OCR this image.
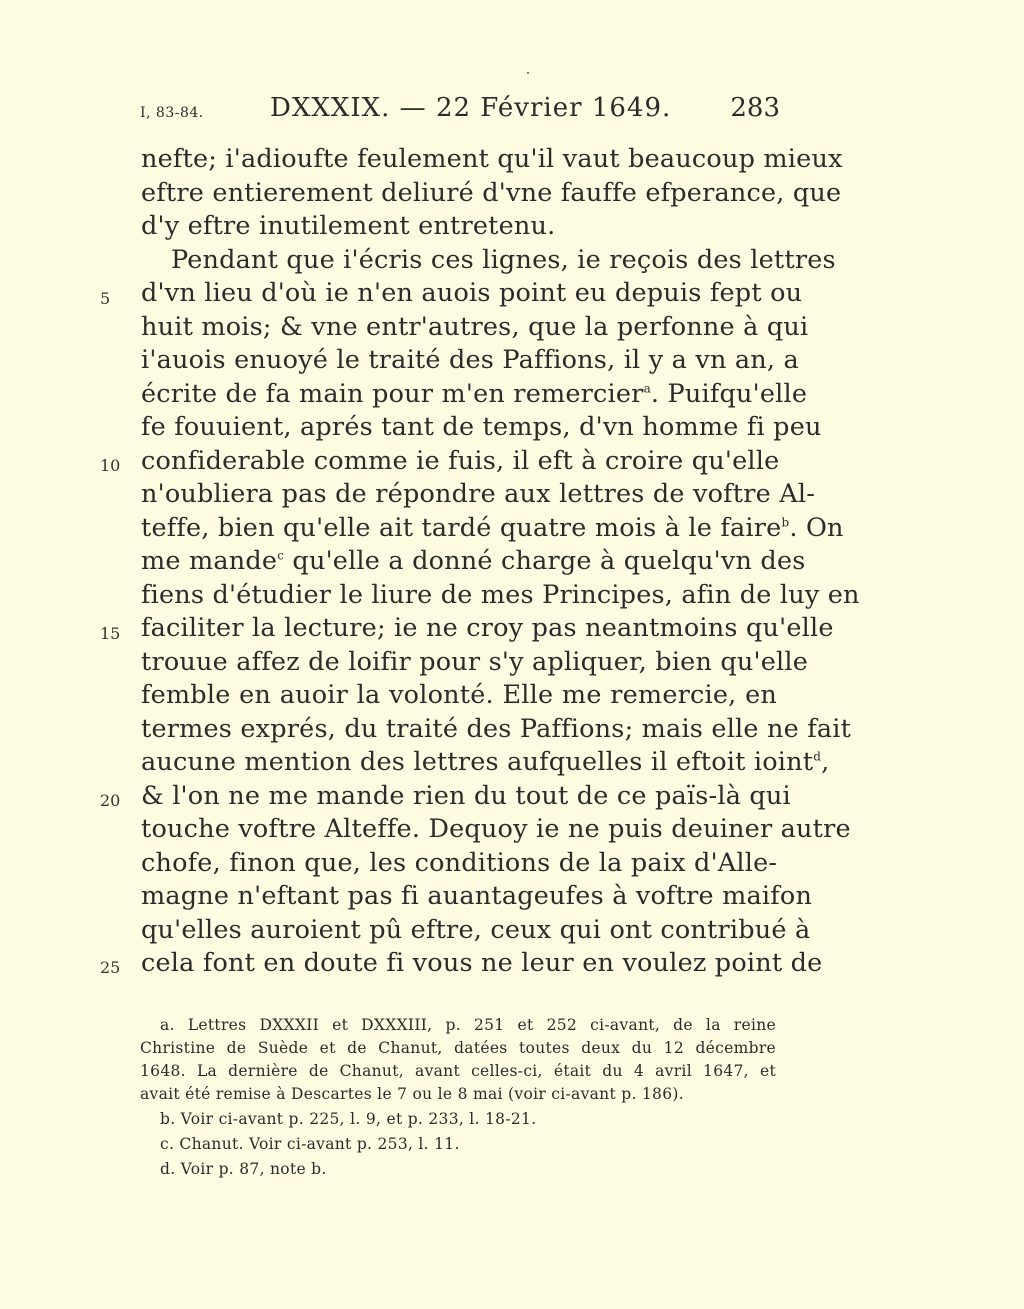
I, 83-84.	DXXXIX. — 22 Février 1649. 283
5
10
15
20
25
nefte; i'adioufte feulement qu'il vaut beaucoup mieux
eftre entierement deliuré d'vne fauffe efperance, que
d'y eftre inutilement entretenu.
Pendant que i'écris ces lignes, ie reçois des lettres
d'vn lieu d'où ie n'en auois point eu depuis fept ou
huit mois; & vne entr'autres, que la perfonne à qui
i'auois enuoyé le traité des Paffions, il y a vn an, a
écrite de fa main pour m'en remercier$^a$. Puifqu'elle
fe fouuient, aprés tant de temps, d'vn homme fi peu
confiderable comme ie fuis, il eft à croire qu'elle
n'oubliera pas de répondre aux lettres de voftre Al-
teffe, bien qu'elle ait tardé quatre mois à le faire$^b$. On
me mande$^c$ qu'elle a donné charge à quelqu'vn des
fiens d'étudier le liure de mes Principes, afin de luy en
faciliter la lecture; ie ne croy pas neantmoins qu'elle
trouue affez de loifir pour s'y apliquer, bien qu'elle
femble en auoir la volonté. Elle me remercie, en
termes exprés, du traité des Paffions; mais elle ne fait
aucune mention des lettres aufquelles il eftoit ioint$^d$,
& l'on ne me mande rien du tout de ce païs-là qui
touche voftre Alteffe. Dequoy ie ne puis deuiner autre
chofe, finon que, les conditions de la paix d'Alle-
magne n'eftant pas fi auantageufes à voftre maifon
qu'elles auroient pû eftre, ceux qui ont contribué à
cela font en doute fi vous ne leur en voulez point de
a. Lettres DXXXII et DXXXIII, p. 251 et 252 ci-avant, de la reine
Christine de Suède et de Chanut, datées toutes deux du 12 décembre
1648. La dernière de Chanut, avant celles-ci, était du 4 avril 1647, et
avait été remise à Descartes le 7 ou le 8 mai (voir ci-avant p. 186).
b. Voir ci-avant p. 225, l. 9, et p. 233, l. 18-21.
c. Chanut. Voir ci-avant p. 253, l. 11.
d. Voir p. 87, note b.
